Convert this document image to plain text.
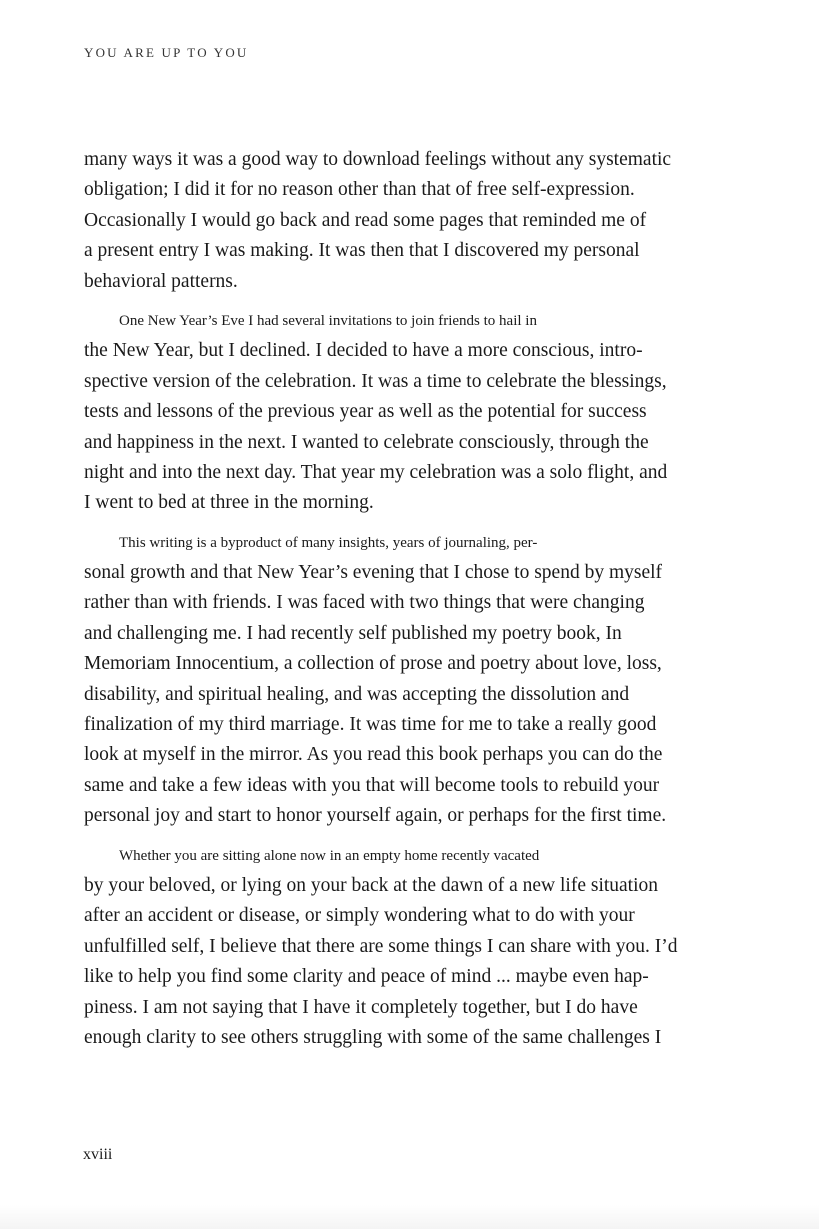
YOU ARE UP TO YOU
many ways it was a good way to download feelings without any systematic
obligation; I did it for no reason other than that of free self-expression.
Occasionally I would go back and read some pages that reminded me of
a present entry I was making. It was then that I discovered my personal
behavioral patterns.
One New Year’s Eve I had several invitations to join friends to hail in
the New Year, but I declined. I decided to have a more conscious, intro-
spective version of the celebration. It was a time to celebrate the blessings,
tests and lessons of the previous year as well as the potential for success
and happiness in the next. I wanted to celebrate consciously, through the
night and into the next day. That year my celebration was a solo flight, and
I went to bed at three in the morning.
This writing is a byproduct of many insights, years of journaling, per-
sonal growth and that New Year’s evening that I chose to spend by myself
rather than with friends. I was faced with two things that were changing
and challenging me. I had recently self published my poetry book, In
Memoriam Innocentium, a collection of prose and poetry about love, loss,
disability, and spiritual healing, and was accepting the dissolution and
finalization of my third marriage. It was time for me to take a really good
look at myself in the mirror. As you read this book perhaps you can do the
same and take a few ideas with you that will become tools to rebuild your
personal joy and start to honor yourself again, or perhaps for the first time.
Whether you are sitting alone now in an empty home recently vacated
by your beloved, or lying on your back at the dawn of a new life situation
after an accident or disease, or simply wondering what to do with your
unfulfilled self, I believe that there are some things I can share with you. I’d
like to help you find some clarity and peace of mind ... maybe even hap-
piness. I am not saying that I have it completely together, but I do have
enough clarity to see others struggling with some of the same challenges I
xviii
